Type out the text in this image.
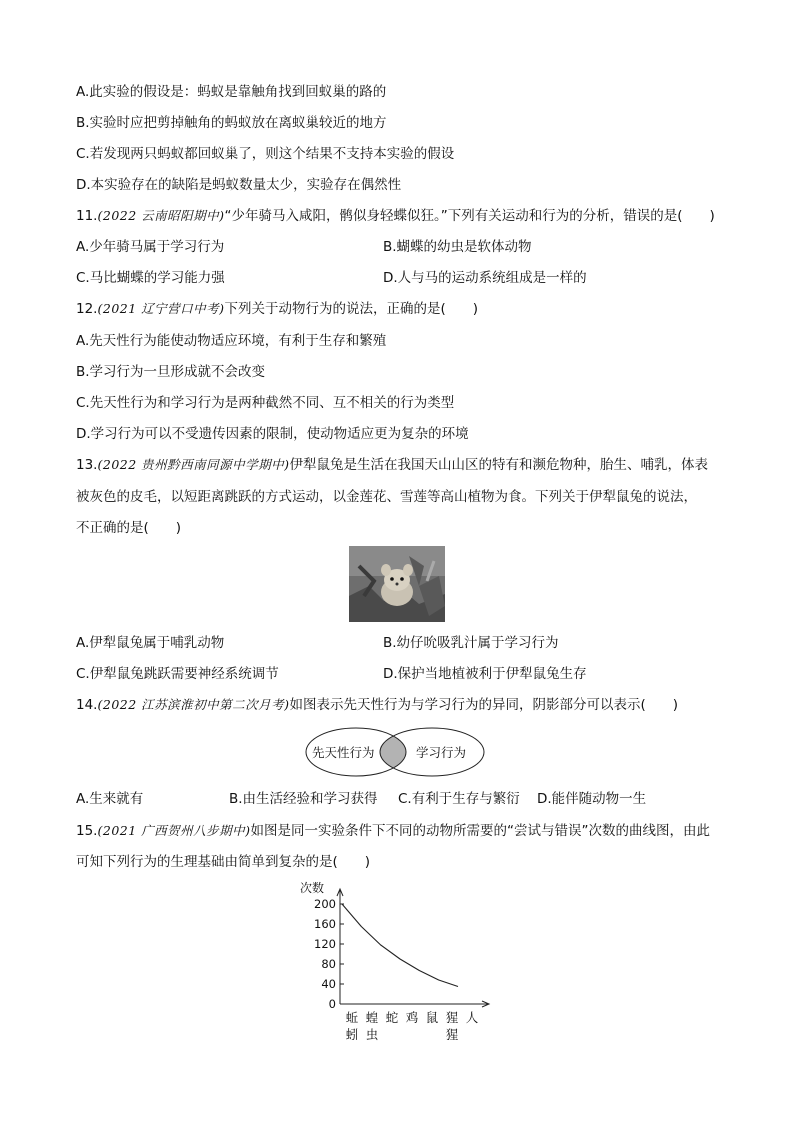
A.此实验的假设是：蚂蚁是靠触角找到回蚁巢的路的
B.实验时应把剪掉触角的蚂蚁放在离蚁巢较近的地方
C.若发现两只蚂蚁都回蚁巢了，则这个结果不支持本实验的假设
D.本实验存在的缺陷是蚂蚁数量太少，实验存在偶然性
11.(2022 云南昭阳期中)“少年骑马入咸阳，鹘似身轻蝶似狂。”下列有关运动和行为的分析，错误的是(　　)
A.少年骑马属于学习行为	B.蝴蝶的幼虫是软体动物
C.马比蝴蝶的学习能力强	D.人与马的运动系统组成是一样的
12.(2021 辽宁营口中考)下列关于动物行为的说法，正确的是(　　)
A.先天性行为能使动物适应环境，有利于生存和繁殖
B.学习行为一旦形成就不会改变
C.先天性行为和学习行为是两种截然不同、互不相关的行为类型
D.学习行为可以不受遗传因素的限制，使动物适应更为复杂的环境
13.(2022 贵州黔西南同源中学期中)伊犁鼠兔是生活在我国天山山区的特有和濒危物种，胎生、哺乳，体表
被灰色的皮毛，以短距离跳跃的方式运动，以金莲花、雪莲等高山植物为食。下列关于伊犁鼠兔的说法，
不正确的是(　　)
A.伊犁鼠兔属于哺乳动物	B.幼仔吮吸乳汁属于学习行为
C.伊犁鼠兔跳跃需要神经系统调节	D.保护当地植被利于伊犁鼠兔生存
14.(2022 江苏滨淮初中第二次月考)如图表示先天性行为与学习行为的异同，阴影部分可以表示(　　)
先天性行为	学习行为
A.生来就有	B.由生活经验和学习获得 C.有利于生存与繁衍 D.能伴随动物一生
15.(2021 广西贺州八步期中)如图是同一实验条件下不同的动物所需要的“尝试与错误”次数的曲线图，由此
可知下列行为的生理基础由简单到复杂的是(　　)
次数
0
40
80
120
160
200
蚯
蚓
蝗
虫
蛇 鸡 鼠 猩
猩
人
